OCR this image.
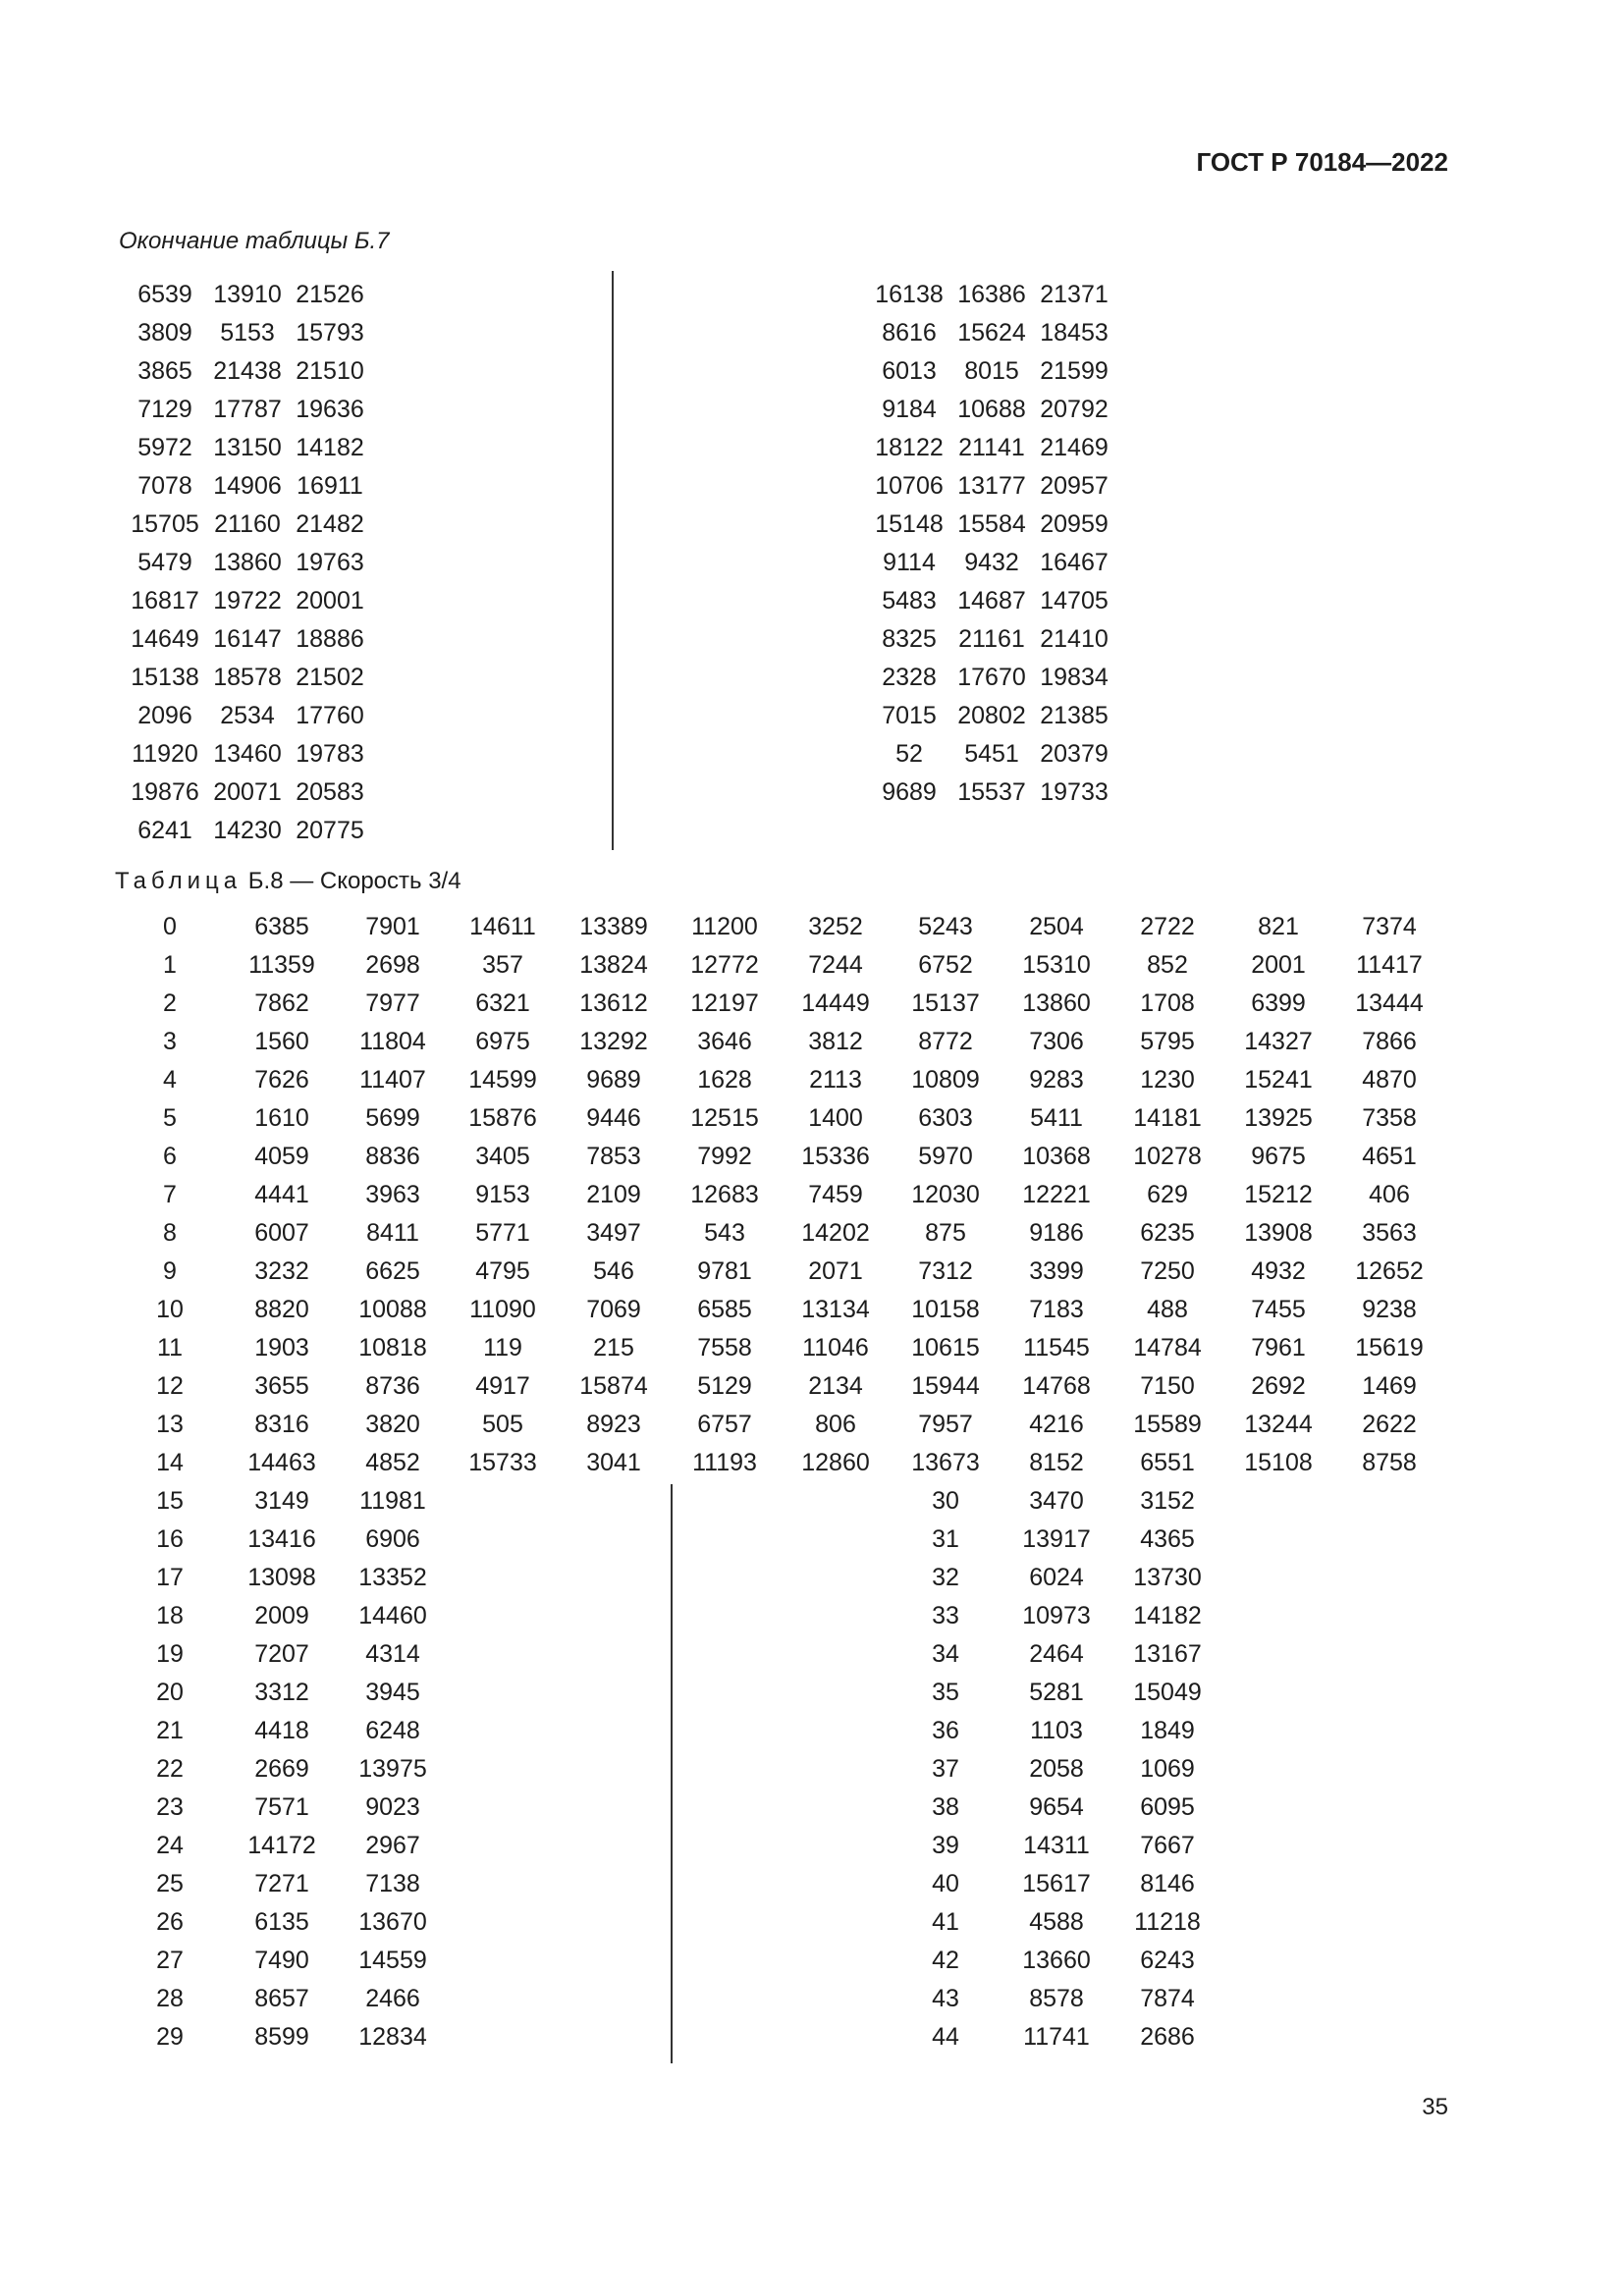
ГОСТ Р 70184—2022
Окончание таблицы Б.7
6539 13910 21526
3809	5153 15793
3865 21438 21510
7129 17787 19636
5972 13150 14182
7078 14906 16911
15705 21160 21482
5479 13860 19763
16817 19722 20001
14649 16147 18886
15138 18578 21502
2096	2534 17760
11920 13460 19783
19876 20071 20583
6241 14230 20775
16138 16386 21371
8616 15624 18453
6013	8015 21599
9184 10688 20792
18122 21141 21469
10706 13177 20957
15148 15584 20959
9114	9432 16467
5483 14687 14705
8325 21161 21410
2328 17670 19834
7015 20802 21385
52	5451 20379
9689 15537 19733
Таблица Б.8 — Скорость 3/4
0	6385	7901	14611	13389	11200	3252	5243	2504	2722	821	7374
1	11359	2698	357	13824	12772	7244	6752	15310	852	2001	11417
2	7862	7977	6321	13612	12197	14449	15137	13860	1708	6399	13444
3	1560	11804	6975	13292	3646	3812	8772	7306	5795	14327	7866
4	7626	11407	14599	9689	1628	2113	10809	9283	1230	15241	4870
5	1610	5699	15876	9446	12515	1400	6303	5411	14181	13925	7358
6	4059	8836	3405	7853	7992	15336	5970	10368	10278	9675	4651
7	4441	3963	9153	2109	12683	7459	12030	12221	629	15212	406
8	6007	8411	5771	3497	543	14202	875	9186	6235	13908	3563
9	3232	6625	4795	546	9781	2071	7312	3399	7250	4932	12652
10	8820	10088	11090	7069	6585	13134	10158	7183	488	7455	9238
11	1903	10818	119	215	7558	11046	10615	11545	14784	7961	15619
12	3655	8736	4917	15874	5129	2134	15944	14768	7150	2692	1469
13	8316	3820	505	8923	6757	806	7957	4216	15589	13244	2622
14	14463	4852	15733	3041	11193	12860	13673	8152	6551	15108	8758
15	3149	11981	30	3470	3152
16	13416	6906	31	13917	4365
17	13098	13352	32	6024	13730
18	2009	14460	33	10973	14182
19	7207	4314	34	2464	13167
20	3312	3945	35	5281	15049
21	4418	6248	36	1103	1849
22	2669	13975	37	2058	1069
23	7571	9023	38	9654	6095
24	14172	2967	39	14311	7667
25	7271	7138	40	15617	8146
26	6135	13670	41	4588	11218
27	7490	14559	42	13660	6243
28	8657	2466	43	8578	7874
29	8599	12834	44	11741	2686
35
